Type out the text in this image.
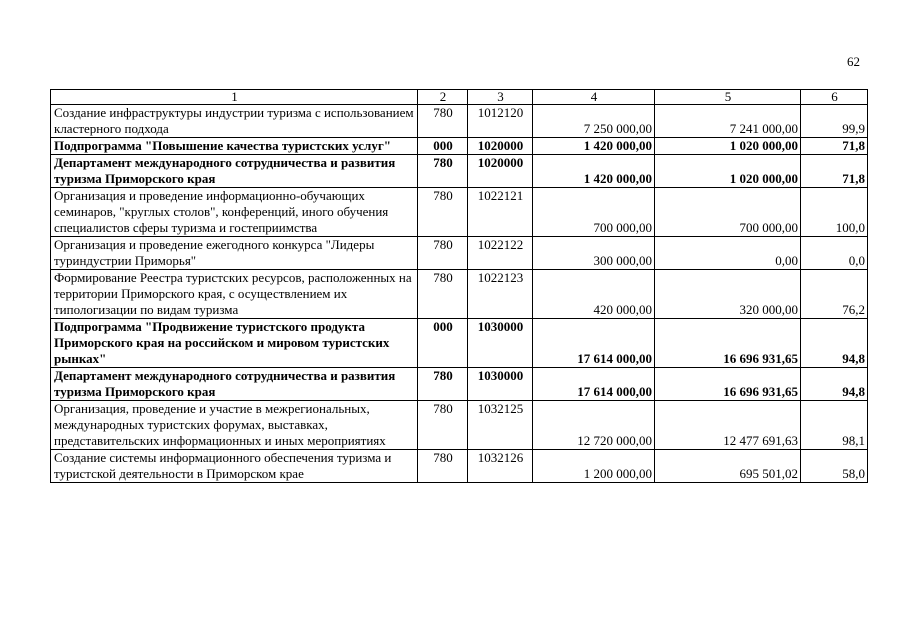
62
1	2	3	4	5	6
Создание инфраструктуры индустрии туризма с использованием кластерного подхода	780	1012120	7 250 000,00	7 241 000,00	99,9
Подпрограмма "Повышение качества туристских услуг"	000	1020000	1 420 000,00	1 020 000,00	71,8
Департамент международного сотрудничества и развития туризма Приморского края	780	1020000	1 420 000,00	1 020 000,00	71,8
Организация и проведение информационно-обучающих семинаров, "круглых столов", конференций, иного обучения специалистов сферы туризма и гостеприимства	780	1022121	700 000,00	700 000,00	100,0
Организация и проведение ежегодного конкурса "Лидеры туриндустрии Приморья"	780	1022122	300 000,00	0,00	0,0
Формирование Реестра туристских ресурсов, расположенных на территории Приморского края, с осуществлением их типологизации по видам туризма	780	1022123	420 000,00	320 000,00	76,2
Подпрограмма "Продвижение туристского продукта Приморского края на российском и мировом туристских рынках"	000	1030000	17 614 000,00	16 696 931,65	94,8
Департамент международного сотрудничества и развития туризма Приморского края	780	1030000	17 614 000,00	16 696 931,65	94,8
Организация, проведение и участие в межрегиональных, международных туристских форумах, выставках, представительских информационных и иных мероприятиях	780	1032125	12 720 000,00	12 477 691,63	98,1
Создание системы информационного обеспечения туризма и туристской деятельности в Приморском крае	780	1032126	1 200 000,00	695 501,02	58,0
